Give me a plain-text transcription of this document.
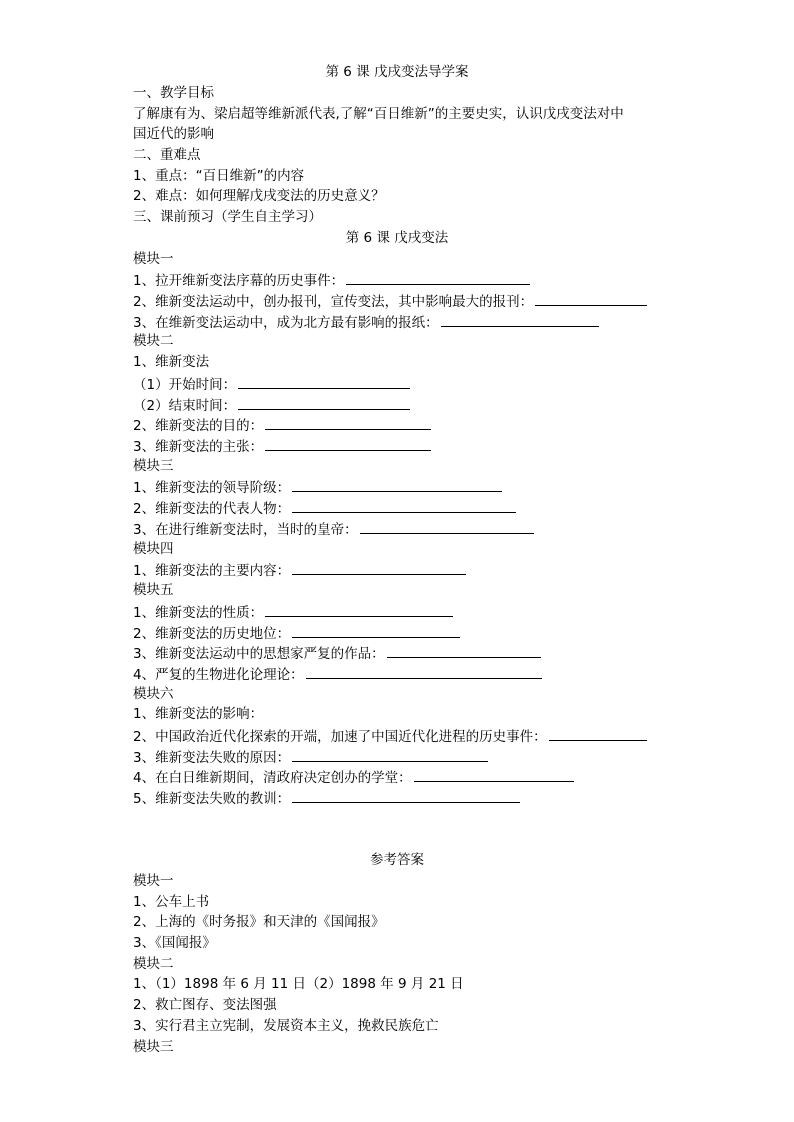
第 6 课 戊戌变法导学案
一、教学目标
了解康有为、梁启超等维新派代表,了解“百日维新”的主要史实，认识戊戌变法对中
国近代的影响
二、重难点
1、重点：“百日维新”的内容
2、难点：如何理解戊戌变法的历史意义？
三、课前预习（学生自主学习）
第 6 课 戊戌变法
模块一
1、拉开维新变法序幕的历史事件：
2、维新变法运动中，创办报刊，宣传变法，其中影响最大的报刊：
3、在维新变法运动中，成为北方最有影响的报纸：
模块二
1、维新变法
（1）开始时间：
（2）结束时间：
2、维新变法的目的：
3、维新变法的主张：
模块三
1、维新变法的领导阶级：
2、维新变法的代表人物：
3、在进行维新变法时，当时的皇帝：
模块四
1、维新变法的主要内容：
模块五
1、维新变法的性质：
2、维新变法的历史地位：
3、维新变法运动中的思想家严复的作品：
4、严复的生物进化论理论：
模块六
1、维新变法的影响：
2、中国政治近代化探索的开端，加速了中国近代化进程的历史事件：
3、维新变法失败的原因：
4、在白日维新期间，清政府决定创办的学堂：
5、维新变法失败的教训：
参考答案
模块一
1、公车上书
2、上海的《时务报》和天津的《国闻报》
3、《国闻报》
模块二
1、（1）1898 年 6 月 11 日（2）1898 年 9 月 21 日
2、救亡图存、变法图强
3、实行君主立宪制，发展资本主义，挽救民族危亡
模块三
